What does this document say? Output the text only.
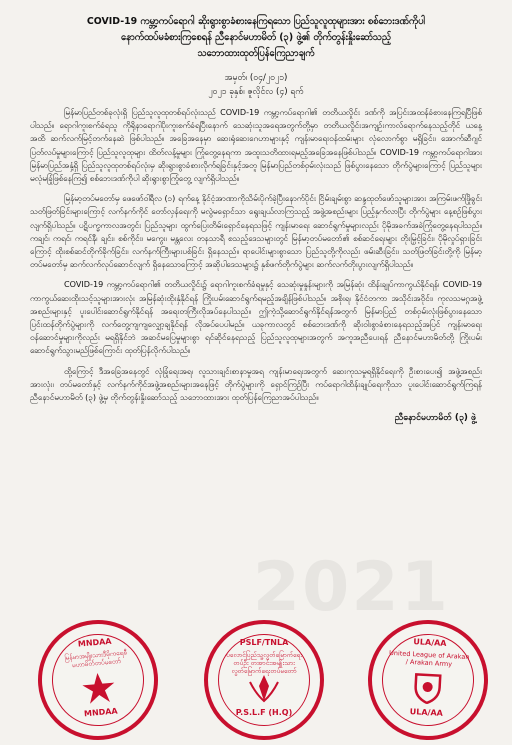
COVID-19 ကမ္ဘာ့ကပ်ရောဂါ ဆိုးရွားစွာခံစားနေကြရသော ပြည်သူလူထုများအား စစ်ဘေးဒဏ်ကိုပါ

နောက်ထပ်မခံစားကြစေရန် ညီနောင်မဟာမိတ် (၃) ဖွဲ့၏ တိုက်တွန်းနှိုးဆော်သည့်

သဘောထားထုတ်ပြန်ကြေညာချက်

အမှတ်၊ (၀၄/၂၀၂၁)
၂၀၂၁ ခုနှစ်၊ ဇူလိုင်လ (၄) ရက်

မြန်မာပြည်တစ်ခုလုံးရှိ ပြည်သူလူထုတစ်ရပ်လုံးသည် COVID-19 ကမ္ဘာ့ကပ်ရောဂါ၏ တတိယလှိုင်း ဒဏ်ကို အပြင်းအထန်ခံစားနေကြရပြီဖြစ်ပါသည်။ ရောဂါကူးစက်ခံရသူ ကိုရိုနာရောဂါပိုးကူးစက်ခံရပြီးနောက် သေဆုံးသူအရေအတွက်တို့မှာ တတိယလှိုင်းအကျဉ်းကာလ်ရောက်နေသည့်တိုင် ယနေ့အထိ ဆက်လက်မြင့်တက်နေဆဲ ဖြစ်ပါသည်။ အခြေအနေမှာ ဆေးရုံဆေးဂေဟာများနှင့် ကျန်းမာရေးဝန်ထမ်းများ လုံလောက်စွာ မရှိခြင်း၊ အောက်ဆီဂျင်ပြတ်လပ်မှုများကြောင့် ပြည်သူလူထုများ ထိတ်လန့်မှုများ ကြုံတွေ့နေရကာ အထူးသတိထားရမည့်အခြေအနေဖြစ်ပါသည်။ COVID-19 ကမ္ဘာ့ကပ်ရောဂါအား မြန်မာပြည်အနှံ့ရှိ ပြည်သူလူထုတစ်ရပ်လုံးမှ ဆိုးရွားစွာခံစားလိုက်ရခြင်းနှင့်အတူ မြန်မာပြည်တစ်ဝှမ်းလုံးသည် ဖြစ်ပွားနေသော တိုက်ပွဲများကြောင့် ပြည်သူများ မလုံမခြုံဖြစ်နေကြ၍ စစ်ဘေးဒဏ်ကိုပါ ဆိုးရွားစွာကြုံတွေ့ လျက်ရှိပါသည်။

မြန်မာ့တပ်မတော်မှ ဖေဖော်ဝါရီလ (၁) ရက်နေ့ နိုင်ငံ့အာဏာကိုသိမ်းပိုက်ခဲ့ပြီးနောက်ပိုင်း ငြိမ်းချမ်းစွာ ဆန္ဒထုတ်ဖော်သူများအား အကြမ်းဖက်ဖြိုခွင်းသတ်ဖြတ်ခြင်းများကြောင့် လက်နက်ကိုင် တော်လှန်ရေးကို မလွဲမရှောင်သာ ရွေးချယ်လာကြသည့် အဖွဲ့အစည်းများ ပြည့်နှက်လာပြီး တိုက်ပွဲများ နေ့စဉ်ဖြစ်ပွားလျက်ရှိပါသည်။ ပဋိပက္ခကာလအတွင်း ပြည်သူများ ထွက်ပြေးတိမ်းရှောင်နေရသဖြင့် ကျန်းမာရေး ဆောင်ရွက်မှုများလည်း ပိုမိုအခက်အခဲကြုံတွေ့နေရပါသည်။ ကချင်၊ ကရင်၊ ကရင်နီ၊ ချင်း၊ စစ်ကိုင်း၊ မကွေး၊ မန္တလေး တနသာရီ စသည့်ဒေသများတွင် မြန်မာ့တပ်မတော်၏ စစ်ဆင်ရေးများ တိုးမြှင့်ခြင်း၊ ပိုမိုလှုပ်ရှားခြင်းကြောင့် ထိုးစစ်ဆင်တိုက်ခိုက်ခြင်း၊ လက်နက်ကြီးများပစ်ခြင်း ရှိနေသည်။ ရာပေါင်းများစွာသော ပြည်သူတို့ကိုလည်း ဖမ်းဆီးခြင်း၊ သတ်ဖြတ်ခြင်းတို့ကို မြန်မာ့တပ်မတော်မှ ဆက်လက်လုပ်ဆောင်လျက် ရှိနေသောကြောင့် အဆိုပါဒေသများ၌ နှစ်ဖက်တိုက်ပွဲများ ဆက်လက်တိုးပွားလျက်ရှိပါသည်။

COVID-19 ကမ္ဘာ့ကပ်ရောဂါ၏ တတိယလှိုင်း၌ ရောဂါကူးစက်ခံရမှုနှင့် သေဆုံးမှုနှုန်းများကို အမြန်ဆုံး ထိန်းချုပ်ကာကွယ်နိုင်ရန်၊ COVID-19 ကာကွယ်ဆေးထိုးသင့်သူများအားလုံး အမြန်ဆုံးထိုးနှံနိုင်ရန် ကြိုးပမ်းဆောင်ရွက်ရမည့်အချိန်ဖြစ်ပါသည်။ အစိုးရ၊ နိုင်ငံတကာ အသိုင်းအဝိုင်း၊ ကုလသမဂ္ဂအဖွဲ့အစည်းများနှင့် ပူးပေါင်းဆောင်ရွက်နိုင်ရန် အရေးတကြီးလိုအပ်နေပါသည်။ ဤကဲ့သို့ဆောင်ရွက်နိုင်ရန်အတွက် မြန်မာပြည် တစ်ဝှမ်းလုံးဖြစ်ပွားနေသော ပြင်းထန်တိုက်ပွဲများကို လက်တွေ့ကျကျလျှော့ချနိုင်ရန် လိုအပ်ပေပါမည်။ ယခုကာလတွင် စစ်ဘေးဒဏ်ကို ဆိုးဝါးစွာခံစားနေရသည့်အပြင် ကျန်းမာရေးဝန်ဆောင်မှုများကိုလည်း မရရှိနိုင်ဘဲ အဆင်မပြေမှုများစွာ ရင်ဆိုင်နေရသည့် ပြည်သူလူထုများအတွက် အကူအညီပေးရန် ညီနောင်မဟာမိတ်တို့ ကြိုးပမ်းဆောင်ရွက်သွားမည်ဖြစ်ကြောင်း ထုတ်ပြန်လိုက်ပါသည်။

ထို့ကြောင့် ဒီအခြေအနေတွင် လုံခြုံရေးအရ၊ လူသားချင်းစာနာမှုအရ ကျန်းမာရေးအတွက် ဆေးကုသမှုရရှိနိုင်ရေးကို ဦးစားပေး၍ အဖွဲ့အစည်းအားလုံး၊ တပ်မတော်နှင့် လက်နက်ကိုင်အဖွဲ့အစည်းများအနေဖြင့် တိုက်ပွဲများကို ရှောင်ကြဉ်ပြီး ကပ်ရောဂါထိန်းချုပ်ရေးကိုသာ ပူးပေါင်းဆောင်ရွက်ကြရန် ညီနောင်မဟာမိတ် (၃) ဖွဲ့မှ တိုက်တွန်းနှိုးဆော်သည့် သဘောထားအား ထုတ်ပြန်ကြေညာအပ်ပါသည်။

ညီနောင်မဟာမိတ် (၃) ဖွဲ့
2021
MNDAA
မြန်မာအမျိုးသားဒီမိုကရေစီ မဟာမိတ်တပ်မတော်
MNDAA
PSLF/TNLA
ပလောင်ပြည်သူ့လွတ်မြောက်ရေးတပ်ဦး တအာင်းအမျိုးသားလွတ်မြောက်ရေးတပ်မတော်
P.S.L.F (H.Q)
ULA/AA
United League of Arakan / Arakan Army
ULA/AA
